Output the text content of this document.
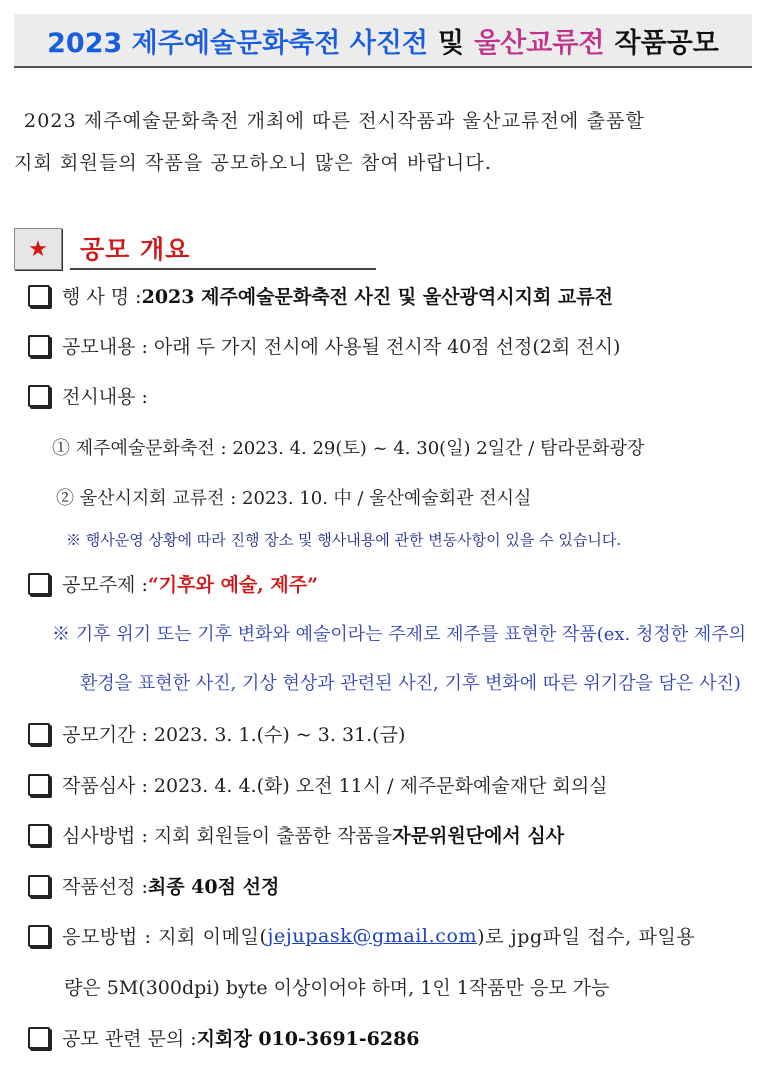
2023 제주예술문화축전 사진전 및 울산교류전 작품공모
2023 제주예술문화축전 개최에 따른 전시작품과 울산교류전에 출품할
지회 회원들의 작품을 공모하오니 많은 참여 바랍니다.
★	공모 개요
행 사 명 : 2023 제주예술문화축전 사진 및 울산광역시지회 교류전
공모내용 : 아래 두 가지 전시에 사용될 전시작 40점 선정(2회 전시)
전시내용 :
① 제주예술문화축전 : 2023. 4. 29(토) ~ 4. 30(일) 2일간 / 탐라문화광장
② 울산시지회 교류전 : 2023. 10. 中 / 울산예술회관 전시실
※ 행사운영 상황에 따라 진행 장소 및 행사내용에 관한 변동사항이 있을 수 있습니다.
공모주제 : “기후와 예술, 제주”
※ 기후 위기 또는 기후 변화와 예술이라는 주제로 제주를 표현한 작품(ex. 청정한 제주의
환경을 표현한 사진, 기상 현상과 관련된 사진, 기후 변화에 따른 위기감을 담은 사진)
공모기간 : 2023. 3. 1.(수) ~ 3. 31.(금)
작품심사 : 2023. 4. 4.(화) 오전 11시 / 제주문화예술재단 회의실
심사방법 : 지회 회원들이 출품한 작품을 자문위원단에서 심사
작품선정 : 최종 40점 선정
응모방법 : 지회 이메일( jejupask@gmail.com )로 jpg파일 접수, 파일용
량은 5M(300dpi) byte 이상이어야 하며, 1인 1작품만 응모 가능
공모 관련 문의 : 지회장 010-3691-6286
